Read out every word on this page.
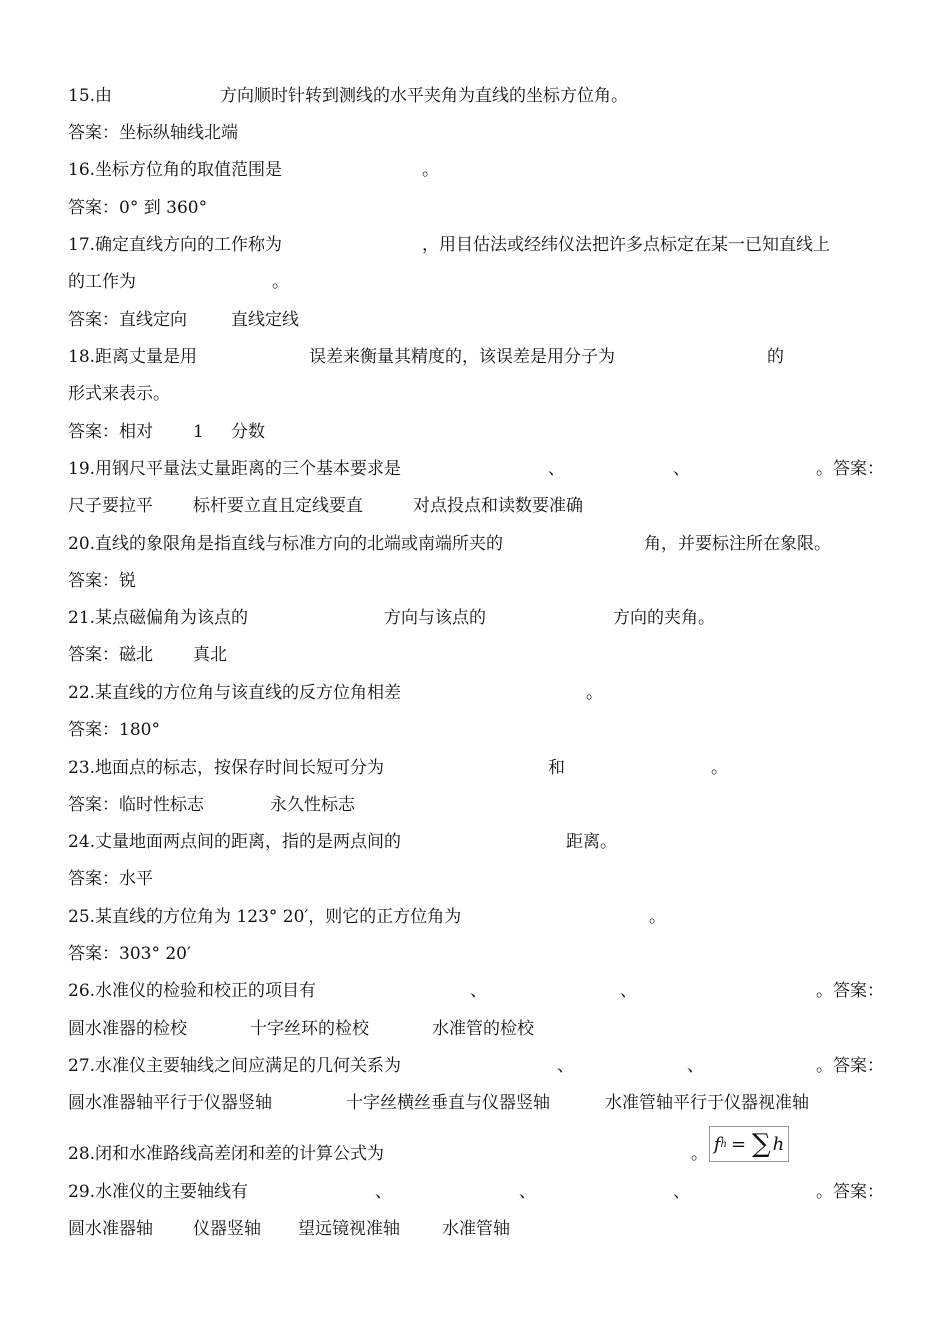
15.由	方向顺时针转到测线的水平夹角为直线的坐标方位角。
答案：坐标纵轴线北端
16.坐标方位角的取值范围是	。
答案：0° 到 360°
17.确定直线方向的工作称为	，用目估法或经纬仪法把许多点标定在某一已知直线上
的工作为	。
答案：直线定向	直线定线
18.距离丈量是用	误差来衡量其精度的，该误差是用分子为	的
形式来表示。
答案：相对 1 分数
19.用钢尺平量法丈量距离的三个基本要求是	、	、	。答案：
尺子要拉平 标杆要立直且定线要直	对点投点和读数要准确
20.直线的象限角是指直线与标准方向的北端或南端所夹的	角，并要标注所在象限。
答案：锐
21.某点磁偏角为该点的	方向与该点的	方向的夹角。
答案：磁北 真北
22.某直线的方位角与该直线的反方位角相差	。
答案：180°
23.地面点的标志，按保存时间长短可分为	和	。
答案：临时性标志	永久性标志
24.丈量地面两点间的距离，指的是两点间的	距离。
答案：水平
25.某直线的方位角为 123° 20′，则它的正方位角为	。
答案：303° 20′
26.水准仪的检验和校正的项目有	、	、	。答案：
圆水准器的检校	十字丝环的检校	水准管的检校
27.水准仪主要轴线之间应满足的几何关系为	、	、	。答案：
圆水准器轴平行于仪器竖轴	十字丝横丝垂直与仪器竖轴	水准管轴平行于仪器视准轴
28.闭和水准路线高差闭和差的计算公式为	。
29.水准仪的主要轴线有	、	、	、	。答案：
圆水准器轴 仪器竖轴 望远镜视准轴 水准管轴
f h = ∑ h
